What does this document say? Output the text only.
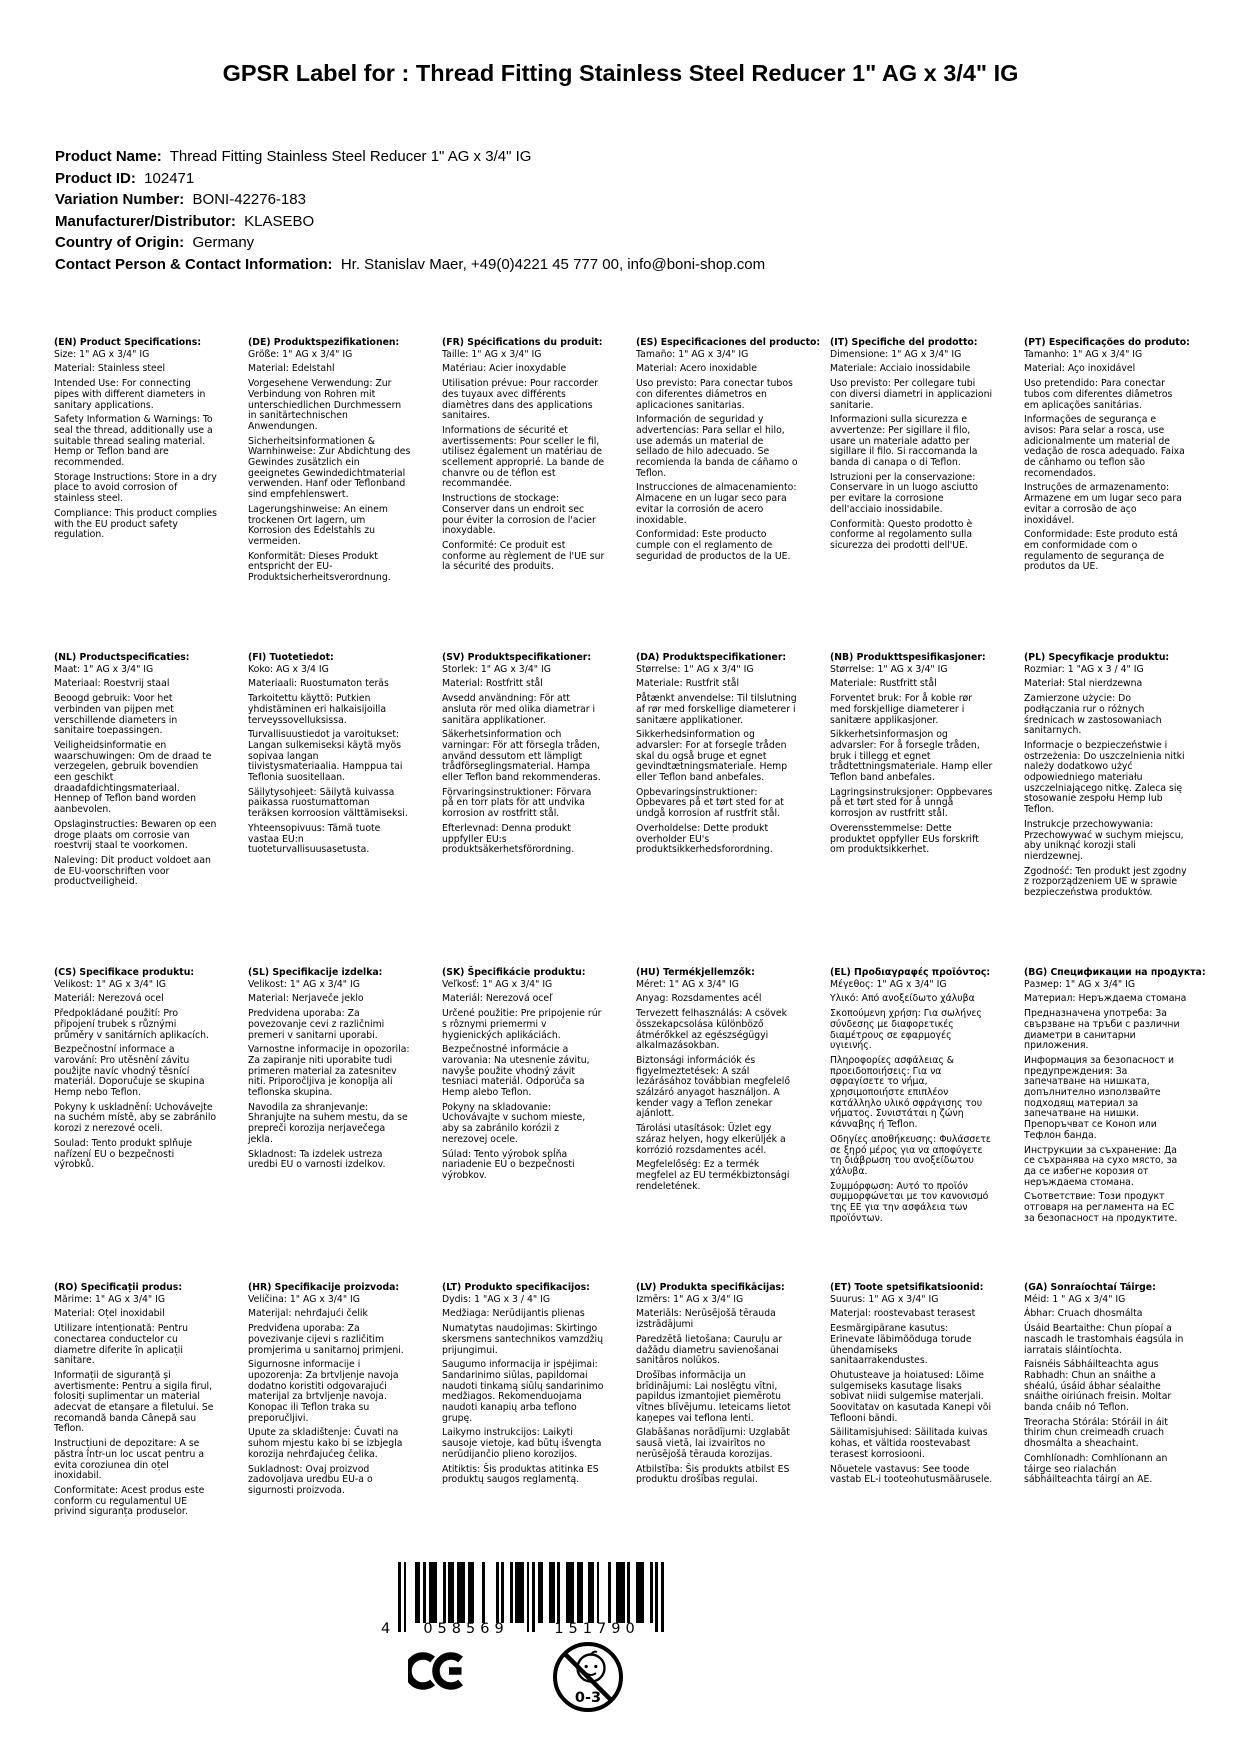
GPSR Label for : Thread Fitting Stainless Steel Reducer 1" AG x 3/4" IG
Product Name:  Thread Fitting Stainless Steel Reducer 1" AG x 3/4" IG
Product ID:  102471
Variation Number:  BONI-42276-183
Manufacturer/Distributor:  KLASEBO
Country of Origin:  Germany
Contact Person & Contact Information:  Hr. Stanislav Maer, +49(0)4221 45 777 00, info@boni-shop.com
(EN) Product Specifications:

Size: 1" AG x 3/4" IG

Material: Stainless steel

Intended Use: For connecting pipes with different diameters in sanitary applications.

Safety Information & Warnings: To seal the thread, additionally use a suitable thread sealing material. Hemp or Teflon band are recommended.

Storage Instructions: Store in a dry place to avoid corrosion of stainless steel.

Compliance: This product complies with the EU product safety regulation.

(DE) Produktspezifikationen:

Größe: 1" AG x 3/4" IG

Material: Edelstahl

Vorgesehene Verwendung: Zur Verbindung von Rohren mit unterschiedlichen Durchmessern in sanitärtechnischen Anwendungen.

Sicherheitsinformationen & Warnhinweise: Zur Abdichtung des Gewindes zusätzlich ein geeignetes Gewindedichtmaterial verwenden. Hanf oder Teflonband sind empfehlenswert.

Lagerungshinweise: An einem trockenen Ort lagern, um Korrosion des Edelstahls zu vermeiden.

Konformität: Dieses Produkt entspricht der EU-Produktsicherheitsverordnung.

(FR) Spécifications du produit:

Taille: 1" AG x 3/4" IG

Matériau: Acier inoxydable

Utilisation prévue: Pour raccorder des tuyaux avec différents diamètres dans des applications sanitaires.

Informations de sécurité et avertissements: Pour sceller le fil, utilisez également un matériau de scellement approprié. La bande de chanvre ou de téflon est recommandée.

Instructions de stockage: Conserver dans un endroit sec pour éviter la corrosion de l'acier inoxydable.

Conformité: Ce produit est conforme au règlement de l'UE sur la sécurité des produits.

(ES) Especificaciones del producto:

Tamaño: 1" AG x 3/4" IG

Material: Acero inoxidable

Uso previsto: Para conectar tubos con diferentes diámetros en aplicaciones sanitarias.

Información de seguridad y advertencias: Para sellar el hilo, use además un material de sellado de hilo adecuado. Se recomienda la banda de cáñamo o Teflon.

Instrucciones de almacenamiento: Almacene en un lugar seco para evitar la corrosión de acero inoxidable.

Conformidad: Este producto cumple con el reglamento de seguridad de productos de la UE.

(IT) Specifiche del prodotto:

Dimensione: 1" AG x 3/4" IG

Materiale: Acciaio inossidabile

Uso previsto: Per collegare tubi con diversi diametri in applicazioni sanitarie.

Informazioni sulla sicurezza e avvertenze: Per sigillare il filo, usare un materiale adatto per sigillare il filo. Si raccomanda la banda di canapa o di Teflon.

Istruzioni per la conservazione: Conservare in un luogo asciutto per evitare la corrosione dell'acciaio inossidabile.

Conformità: Questo prodotto è conforme al regolamento sulla sicurezza dei prodotti dell'UE.

(PT) Especificações do produto:

Tamanho: 1" AG x 3/4" IG

Material: Aço inoxidável

Uso pretendido: Para conectar tubos com diferentes diâmetros em aplicações sanitárias.

Informações de segurança e avisos: Para selar a rosca, use adicionalmente um material de vedação de rosca adequado. Faixa de cânhamo ou teflon são recomendados.

Instruções de armazenamento: Armazene em um lugar seco para evitar a corrosão de aço inoxidável.

Conformidade: Este produto está em conformidade com o regulamento de segurança de produtos da UE.

(NL) Productspecificaties:

Maat: 1" AG x 3/4" IG

Materiaal: Roestvrij staal

Beoogd gebruik: Voor het verbinden van pijpen met verschillende diameters in sanitaire toepassingen.

Veiligheidsinformatie en waarschuwingen: Om de draad te verzegelen, gebruik bovendien een geschikt draadafdichtingsmateriaal. Hennep of Teflon band worden aanbevolen.

Opslaginstructies: Bewaren op een droge plaats om corrosie van roestvrij staal te voorkomen.

Naleving: Dit product voldoet aan de EU-voorschriften voor productveiligheid.

(FI) Tuotetiedot:

Koko: AG x 3/4 IG

Materiaali: Ruostumaton teräs

Tarkoitettu käyttö: Putkien yhdistäminen eri halkaisijoilla terveyssovelluksissa.

Turvallisuustiedot ja varoitukset: Langan sulkemiseksi käytä myös sopivaa langan tiivistysmateriaalia. Hamppua tai Teflonia suositellaan.

Säilytysohjeet: Säilytä kuivassa paikassa ruostumattoman teräksen korroosion välttämiseksi.

Yhteensopivuus: Tämä tuote vastaa EU:n tuoteturvallisuusasetusta.

(SV) Produktspecifikationer:

Storlek: 1" AG x 3/4" IG

Material: Rostfritt stål

Avsedd användning: För att ansluta rör med olika diametrar i sanitära applikationer.

Säkerhetsinformation och varningar: För att försegla tråden, använd dessutom ett lämpligt trådförseglingsmaterial. Hampa eller Teflon band rekommenderas.

Förvaringsinstruktioner: Förvara på en torr plats för att undvika korrosion av rostfritt stål.

Efterlevnad: Denna produkt uppfyller EU:s produktsäkerhetsförordning.

(DA) Produktspecifikationer:

Størrelse: 1" AG x 3/4" IG

Materiale: Rustfrit stål

Påtænkt anvendelse: Til tilslutning af rør med forskellige diameterer i sanitære applikationer.

Sikkerhedsinformation og advarsler: For at forsegle tråden skal du også bruge et egnet gevindtætningsmateriale. Hemp eller Teflon band anbefales.

Opbevaringsinstruktioner: Opbevares på et tørt sted for at undgå korrosion af rustfrit stål.

Overholdelse: Dette produkt overholder EU's produktsikkerhedsforordning.

(NB) Produkttspesifikasjoner:

Størrelse: 1" AG x 3/4" IG

Materiale: Rustfritt stål

Forventet bruk: For å koble rør med forskjellige diameterer i sanitære applikasjoner.

Sikkerhetsinformasjon og advarsler: For å forsegle tråden, bruk i tillegg et egnet trådtettningsmateriale. Hamp eller Teflon band anbefales.

Lagringsinstruksjoner: Oppbevares på et tørt sted for å unngå korrosjon av rustfritt stål.

Overensstemmelse: Dette produktet oppfyller EUs forskrift om produktsikkerhet.

(PL) Specyfikacje produktu:

Rozmiar: 1 "AG x 3 / 4" IG

Materiał: Stal nierdzewna

Zamierzone użycie: Do podłączania rur o różnych średnicach w zastosowaniach sanitarnych.

Informacje o bezpieczeństwie i ostrzeżenia: Do uszczelnienia nitki należy dodatkowo użyć odpowiedniego materiału uszczelniającego nitkę. Zaleca się stosowanie zespołu Hemp lub Teflon.

Instrukcje przechowywania: Przechowywać w suchym miejscu, aby uniknąć korozji stali nierdzewnej.

Zgodność: Ten produkt jest zgodny z rozporządzeniem UE w sprawie bezpieczeństwa produktów.

(CS) Specifikace produktu:

Velikost: 1" AG x 3/4" IG

Materiál: Nerezová ocel

Předpokládané použití: Pro připojení trubek s různými průměry v sanitárních aplikacích.

Bezpečnostní informace a varování: Pro utěsnění závitu použijte navíc vhodný těsnící materiál. Doporučuje se skupina Hemp nebo Teflon.

Pokyny k uskladnění: Uchovávejte na suchém místě, aby se zabránilo korozi z nerezové oceli.

Soulad: Tento produkt splňuje nařízení EU o bezpečnosti výrobků.

(SL) Specifikacije izdelka:

Velikost: 1" AG x 3/4" IG

Material: Nerjaveče jeklo

Predvidena uporaba: Za povezovanje cevi z različnimi premeri v sanitarni uporabi.

Varnostne informacije in opozorila: Za zapiranje niti uporabite tudi primeren material za zatesnitev niti. Priporočljiva je konoplja ali teflonska skupina.

Navodila za shranjevanje: Shranjujte na suhem mestu, da se prepreči korozija nerjavečega jekla.

Skladnost: Ta izdelek ustreza uredbi EU o varnosti izdelkov.

(SK) Špecifikácie produktu:

Veľkosť: 1" AG x 3/4" IG

Materiál: Nerezová oceľ

Určené použitie: Pre pripojenie rúr s rôznymi priemermi v hygienických aplikáciách.

Bezpečnostné informácie a varovania: Na utesnenie závitu, navyše použite vhodný závit tesniaci materiál. Odporúča sa Hemp alebo Teflon.

Pokyny na skladovanie: Uchovávajte v suchom mieste, aby sa zabránilo korózii z nerezovej ocele.

Súlad: Tento výrobok spĺňa nariadenie EÚ o bezpečnosti výrobkov.

(HU) Termékjellemzők:

Méret: 1" AG x 3/4" IG

Anyag: Rozsdamentes acél

Tervezett felhasználás: A csövek összekapcsolása különböző átmérőkkel az egészségügyi alkalmazásokban.

Biztonsági információk és figyelmeztetések: A szál lezárásához továbbian megfelelő szálzáró anyagot használjon. A kender vagy a Teflon zenekar ajánlott.

Tárolási utasítások: Üzlet egy száraz helyen, hogy elkerüljék a korrózió rozsdamentes acél.

Megfelelőség: Ez a termék megfelel az EU termékbiztonsági rendeletének.

(EL) Προδιαγραφές προϊόντος:

Μέγεθος: 1" AG x 3/4" IG

Υλικό: Από ανοξείδωτο χάλυβα

Σκοπούμενη χρήση: Για σωλήνες σύνδεσης με διαφορετικές διαμέτρους σε εφαρμογές υγιεινής.

Πληροφορίες ασφάλειας & προειδοποιήσεις: Για να σφραγίσετε το νήμα, χρησιμοποιήστε επιπλέον κατάλληλο υλικό σφράγισης του νήματος. Συνιστάται η ζώνη κάνναβης ή Teflon.

Οδηγίες αποθήκευσης: Φυλάσσετε σε ξηρό μέρος για να αποφύγετε τη διάβρωση του ανοξείδωτου χάλυβα.

Συμμόρφωση: Αυτό το προϊόν συμμορφώνεται με τον κανονισμό της ΕΕ για την ασφάλεια των προϊόντων.

(BG) Спецификации на продукта:

Размер: 1" AG x 3/4" IG

Материал: Неръждаема стомана

Предназначена употреба: За свързване на тръби с различни диаметри в санитарни приложения.

Информация за безопасност и предупреждения: За запечатване на нишката, допълнително използвайте подходящ материал за запечатване на нишки. Препоръчват се Коноп или Тефлон банда.

Инструкции за съхранение: Да се съхранява на сухо място, за да се избегне корозия от неръждаема стомана.

Съответствие: Този продукт отговаря на регламента на ЕС за безопасност на продуктите.

(RO) Specificații produs:

Mărime: 1" AG x 3/4" IG

Material: Oțel inoxidabil

Utilizare intenționată: Pentru conectarea conductelor cu diametre diferite în aplicații sanitare.

Informații de siguranță și avertismente: Pentru a sigila firul, folosiți suplimentar un material adecvat de etanșare a filetului. Se recomandă banda Cânepă sau Teflon.

Instrucțiuni de depozitare: A se păstra într-un loc uscat pentru a evita coroziunea din oțel inoxidabil.

Conformitate: Acest produs este conform cu regulamentul UE privind siguranța produselor.

(HR) Specifikacije proizvoda:

Veličina: 1" AG x 3/4" IG

Materijal: nehrđajući čelik

Predviđena uporaba: Za povezivanje cijevi s različitim promjerima u sanitarnoj primjeni.

Sigurnosne informacije i upozorenja: Za brtvljenje navoja dodatno koristiti odgovarajući materijal za brtvljenje navoja. Konopac ili Teflon traka su preporučljivi.

Upute za skladištenje: Čuvati na suhom mjestu kako bi se izbjegla korozija nehrđajućeg čelika.

Sukladnost: Ovaj proizvod zadovoljava uredbu EU-a o sigurnosti proizvoda.

(LT) Produkto specifikacijos:

Dydis: 1 "AG x 3 / 4" IG

Medžiaga: Nerūdijantis plienas

Numatytas naudojimas: Skirtingo skersmens santechnikos vamzdžių prijungimui.

Saugumo informacija ir įspėjimai: Sandarinimo siūlas, papildomai naudoti tinkamą siūlų sandarinimo medžiagos. Rekomenduojama naudoti kanapių arba teflono grupę.

Laikymo instrukcijos: Laikyti sausoje vietoje, kad būtų išvengta nerūdijančio plieno korozijos.

Atitiktis: Šis produktas atitinka ES produktų saugos reglamentą.

(LV) Produkta specifikācijas:

Izmērs: 1" AG x 3/4" IG

Materiāls: Nerūsējošā tērauda izstrādājumi

Paredzētā lietošana: Cauruļu ar dažādu diametru savienošanai sanitāros nolūkos.

Drošības informācija un brīdinājumi: Lai noslēgtu vītni, papildus izmantojiet piemērotu vītnes blīvējumu. Ieteicams lietot kaņepes vai teflona lenti.

Glabāšanas norādījumi: Uzglabāt sausā vietā, lai izvairītos no nerūsējošā tērauda korozijas.

Atbilstība: Šis produkts atbilst ES produktu drošības regulai.

(ET) Toote spetsifikatsioonid:

Suurus: 1" AG x 3/4" IG

Materjal: roostevabast terasest

Eesmärgipärane kasutus: Erinevate läbimõõduga torude ühendamiseks sanitaarrakendustes.

Ohutusteave ja hoiatused: Lõime sulgemiseks kasutage lisaks sobivat niidi sulgemise materjali. Soovitatav on kasutada Kanepi või Teflooni bändi.

Säilitamisjuhised: Säilitada kuivas kohas, et vältida roostevabast terasest korrosiooni.

Nõuetele vastavus: See toode vastab EL-i tooteohutusmäärusele.

(GA) Sonraíochtaí Táirge:

Méid: 1 " AG x 3/4" IG

Ábhar: Cruach dhosmálta

Úsáid Beartaithe: Chun píopaí a nascadh le trastomhais éagsúla in iarratais sláintíochta.

Faisnéis Sábháilteachta agus Rabhadh: Chun an snáithe a shéalú, úsáid ábhar séalaithe snáithe oiriúnach freisin. Moltar banda cnáib nó Teflon.

Treoracha Stórála: Stóráil in áit thirim chun creimeadh cruach dhosmálta a sheachaint.

Comhlíonadh: Comhlíonann an táirge seo rialachán sábháilteachta táirgí an AE.

4	058569	151790
0-3
